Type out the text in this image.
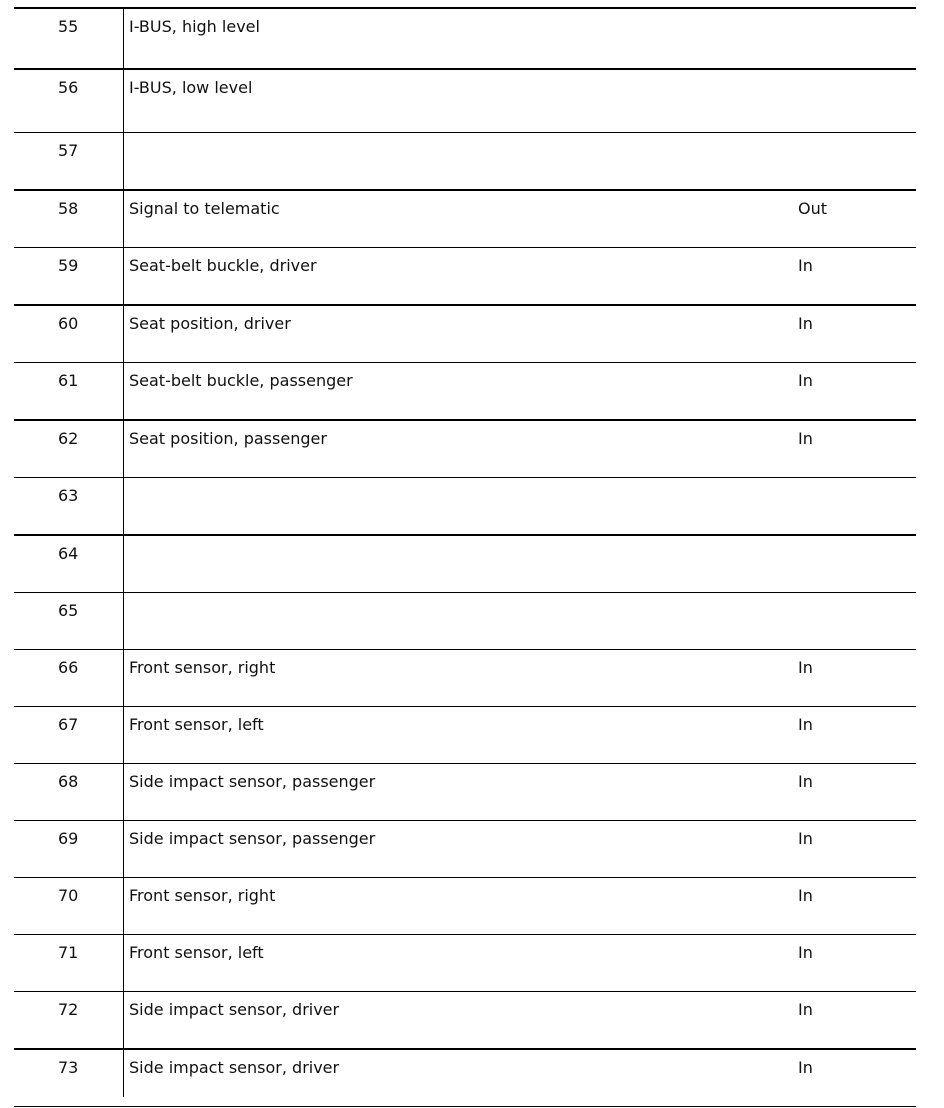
55	I-BUS, high level
56	I-BUS, low level
57
58	Signal to telematic	Out
59	Seat-belt buckle, driver	In
60	Seat position, driver	In
61	Seat-belt buckle, passenger	In
62	Seat position, passenger	In
63
64
65
66	Front sensor, right	In
67	Front sensor, left	In
68	Side impact sensor, passenger	In
69	Side impact sensor, passenger	In
70	Front sensor, right	In
71	Front sensor, left	In
72	Side impact sensor, driver	In
73	Side impact sensor, driver	In
